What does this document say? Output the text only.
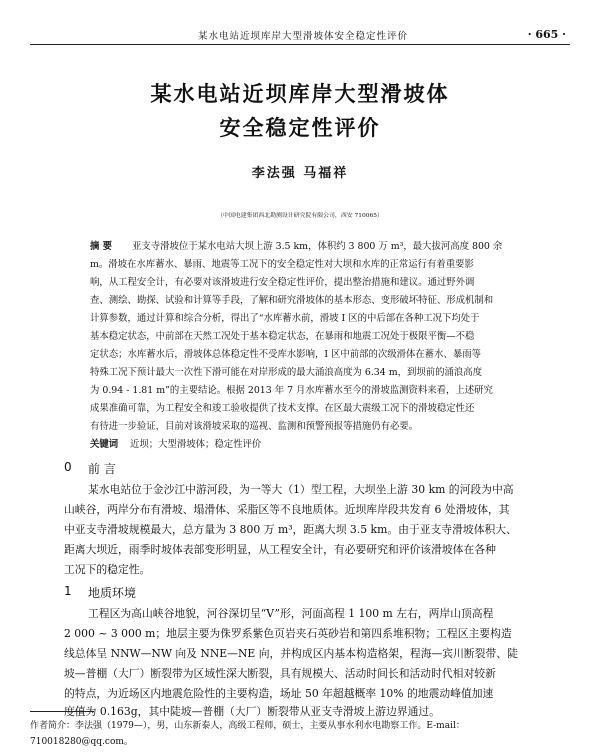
某水电站近坝库岸大型滑坡体安全稳定性评价	· 665 ·
某水电站近坝库岸大型滑坡体
安全稳定性评价
李法强 马福祥
（中国电建集团西北勘测设计研究院有限公司，西安 710065）
摘 要 亚支寺滑坡位于某水电站大坝上游 3.5 km，体积约 3 800 万 m³，最大拔河高度 800 余
m。滑坡在水库蓄水、暴雨、地震等工况下的安全稳定性对大坝和水库的正常运行有着重要影
响，从工程安全计，有必要对该滑坡进行安全稳定性评价，提出整治措施和建议。通过野外调
查、测绘、勘探、试验和计算等手段，了解和研究滑坡体的基本形态、变形破坏特征、形成机制和
计算参数，通过计算和综合分析，得出了“水库蓄水前，滑坡 I 区的中后部在各种工况下均处于
基本稳定状态，中前部在天然工况处于基本稳定状态，在暴雨和地震工况处于极限平衡—不稳
定状态；水库蓄水后，滑坡体总体稳定性不受库水影响，I 区中前部的次级滑体在蓄水、暴雨等
特殊工况下预计最大一次性下滑可能在对岸形成的最大涌浪高度为 6.34 m，到坝前的涌浪高度
为 0.94 - 1.81 m”的主要结论。根据 2013 年 7 月水库蓄水至今的滑坡监测资料来看，上述研究
成果准确可靠，为工程安全和竣工验收提供了技术支撑。在区最大震级工况下的滑坡稳定性还
有待进一步验证，目前对该滑坡采取的巡视、监测和预警预报等措施仍有必要。
关键词 近坝；大型滑坡体；稳定性评价
0 前 言
某水电站位于金沙江中游河段，为一等大（1）型工程，大坝坐上游 30 km 的河段为中高
山峡谷，两岸分布有滑坡、塌滑体、采脂区等不良地质体。近坝库岸段共发育 6 处滑坡体，其
中亚支寺滑坡规模最大，总方量为 3 800 万 m³，距离大坝 3.5 km。由于亚支寺滑坡体积大、
距离大坝近，雨季时坡体表部变形明显，从工程安全计，有必要研究和评价该滑坡体在各种
工况下的稳定性。
1 地质环境
工程区为高山峡谷地貌，河谷深切呈“V”形，河面高程 1 100 m 左右，两岸山顶高程
2 000 ~ 3 000 m；地层主要为侏罗系紫色页岩夹石英砂岩和第四系堆积物；工程区主要构造
线总体呈 NNW—NW 向及 NNE—NE 向，并构成区内基本构造格架，程海—宾川断裂带、陡
坡—普棚（大厂）断裂带为区域性深大断裂，具有规模大、活动时间长和活动时代相对较新
的特点，为近场区内地震危险性的主要构造，场址 50 年超越概率 10% 的地震动峰值加速
度值为 0.163g，其中陡坡—普棚（大厂）断裂带从亚支寺滑坡上游边界通过。
作者简介：李法强（1979—），男，山东新泰人，高级工程师，硕士，主要从事水利水电勘察工作。E-mail：
710018280@qq.com。
